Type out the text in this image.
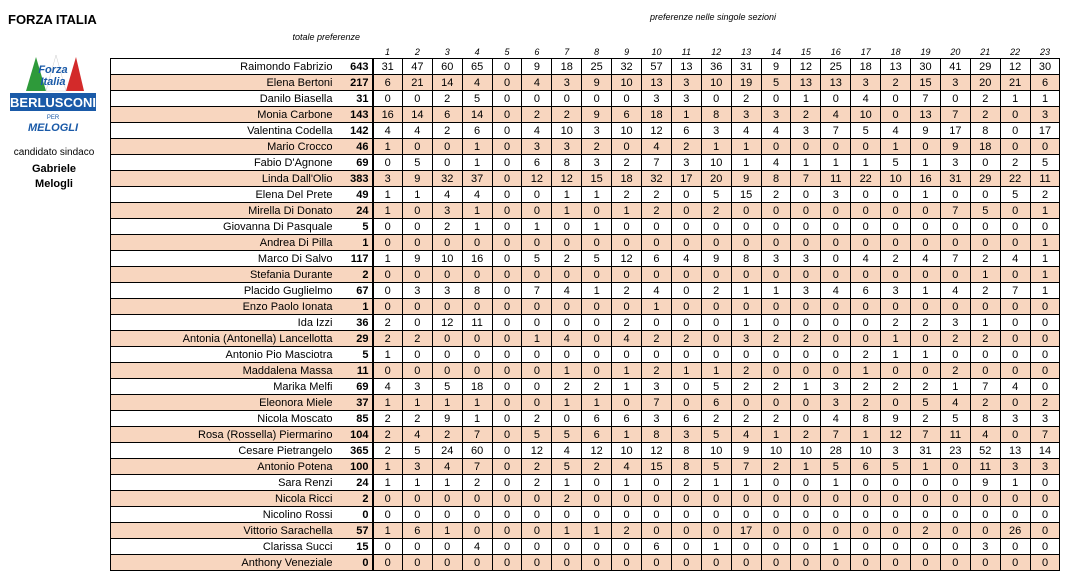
FORZA ITALIA
Forza
Italia
BERLUSCONI
PER
MELOGLI
candidato sindaco
Gabriele
Melogli
totale preferenze
preferenze nelle singole sezioni
		1	2	3	4	5	6	7	8	9	10	11	12	13	14	15	16	17	18	19	20	21	22	23
Raimondo Fabrizio	643	31	47	60	65	0	9	18	25	32	57	13	36	31	9	12	25	18	13	30	41	29	12	30
Elena Bertoni	217	6	21	14	4	0	4	3	9	10	13	3	10	19	5	13	13	3	2	15	3	20	21	6
Danilo Biasella	31	0	0	2	5	0	0	0	0	0	3	3	0	2	0	1	0	4	0	7	0	2	1	1
Monia Carbone	143	16	14	6	14	0	2	2	9	6	18	1	8	3	3	2	4	10	0	13	7	2	0	3
Valentina Codella	142	4	4	2	6	0	4	10	3	10	12	6	3	4	4	3	7	5	4	9	17	8	0	17
Mario Crocco	46	1	0	0	1	0	3	3	2	0	4	2	1	1	0	0	0	0	1	0	9	18	0	0
Fabio D'Agnone	69	0	5	0	1	0	6	8	3	2	7	3	10	1	4	1	1	1	5	1	3	0	2	5
Linda Dall'Olio	383	3	9	32	37	0	12	12	15	18	32	17	20	9	8	7	11	22	10	16	31	29	22	11
Elena Del Prete	49	1	1	4	4	0	0	1	1	2	2	0	5	15	2	0	3	0	0	1	0	0	5	2
Mirella Di Donato	24	1	0	3	1	0	0	1	0	1	2	0	2	0	0	0	0	0	0	0	7	5	0	1
Giovanna Di Pasquale	5	0	0	2	1	0	1	0	1	0	0	0	0	0	0	0	0	0	0	0	0	0	0	0
Andrea Di Pilla	1	0	0	0	0	0	0	0	0	0	0	0	0	0	0	0	0	0	0	0	0	0	0	1
Marco Di Salvo	117	1	9	10	16	0	5	2	5	12	6	4	9	8	3	3	0	4	2	4	7	2	4	1
Stefania Durante	2	0	0	0	0	0	0	0	0	0	0	0	0	0	0	0	0	0	0	0	0	1	0	1
Placido Guglielmo	67	0	3	3	8	0	7	4	1	2	4	0	2	1	1	3	4	6	3	1	4	2	7	1
Enzo Paolo Ionata	1	0	0	0	0	0	0	0	0	0	1	0	0	0	0	0	0	0	0	0	0	0	0	0
Ida Izzi	36	2	0	12	11	0	0	0	0	2	0	0	0	1	0	0	0	0	2	2	3	1	0	0
Antonia (Antonella) Lancellotta	29	2	2	0	0	0	1	4	0	4	2	2	0	3	2	2	0	0	1	0	2	2	0	0
Antonio Pio Masciotra	5	1	0	0	0	0	0	0	0	0	0	0	0	0	0	0	0	2	1	1	0	0	0	0
Maddalena Massa	11	0	0	0	0	0	0	1	0	1	2	1	1	2	0	0	0	1	0	0	2	0	0	0
Marika Melfi	69	4	3	5	18	0	0	2	2	1	3	0	5	2	2	1	3	2	2	2	1	7	4	0
Eleonora Miele	37	1	1	1	1	0	0	1	1	0	7	0	6	0	0	0	3	2	0	5	4	2	0	2
Nicola Moscato	85	2	2	9	1	0	2	0	6	6	3	6	2	2	2	0	4	8	9	2	5	8	3	3
Rosa (Rossella) Piermarino	104	2	4	2	7	0	5	5	6	1	8	3	5	4	1	2	7	1	12	7	11	4	0	7
Cesare Pietrangelo	365	2	5	24	60	0	12	4	12	10	12	8	10	9	10	10	28	10	3	31	23	52	13	14
Antonio Potena	100	1	3	4	7	0	2	5	2	4	15	8	5	7	2	1	5	6	5	1	0	11	3	3
Sara Renzi	24	1	1	1	2	0	2	1	0	1	0	2	1	1	0	0	1	0	0	0	0	9	1	0
Nicola Ricci	2	0	0	0	0	0	0	2	0	0	0	0	0	0	0	0	0	0	0	0	0	0	0	0
Nicolino Rossi	0	0	0	0	0	0	0	0	0	0	0	0	0	0	0	0	0	0	0	0	0	0	0	0
Vittorio Sarachella	57	1	6	1	0	0	0	1	1	2	0	0	0	17	0	0	0	0	0	2	0	0	26	0
Clarissa Succi	15	0	0	0	4	0	0	0	0	0	6	0	1	0	0	0	1	0	0	0	0	3	0	0
Anthony Veneziale	0	0	0	0	0	0	0	0	0	0	0	0	0	0	0	0	0	0	0	0	0	0	0	0
